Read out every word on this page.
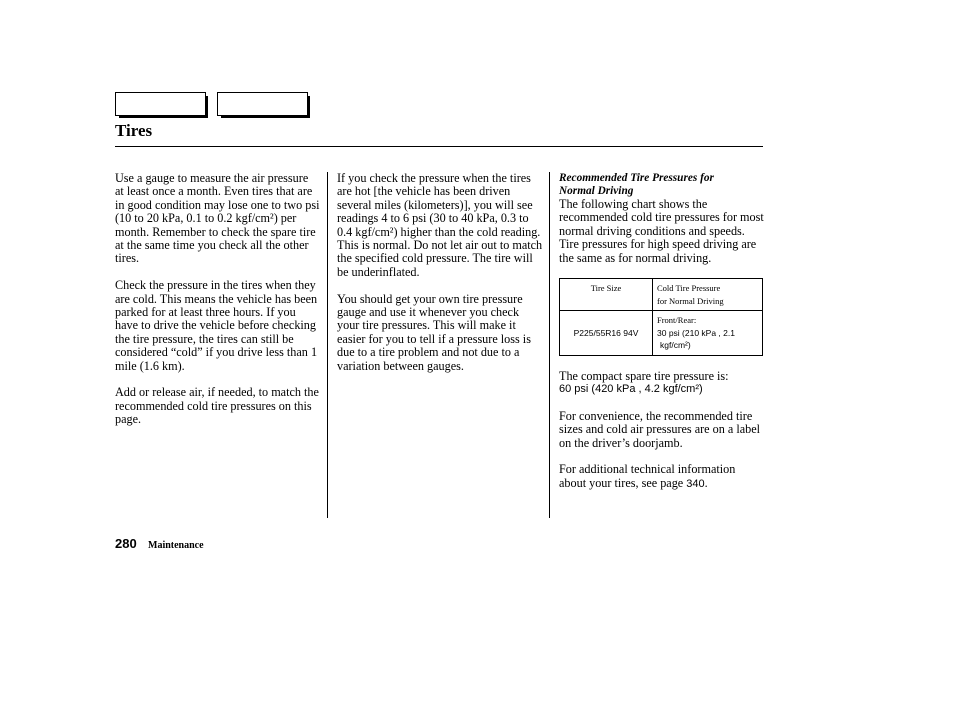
Tires

Use a gauge to measure the air pressure at least once a month. Even tires that are in good condition may lose one to two psi (10 to 20 kPa, 0.1 to 0.2 kgf/cm²) per month. Remember to check the spare tire at the same time you check all the other tires.

Check the pressure in the tires when they are cold. This means the vehicle has been parked for at least three hours. If you have to drive the vehicle before checking the tire pressure, the tires can still be considered “cold” if you drive less than 1 mile (1.6 km).

Add or release air, if needed, to match the recommended cold tire pressures on this page.

If you check the pressure when the tires are hot [the vehicle has been driven several miles (kilometers)], you will see readings 4 to 6 psi (30 to 40 kPa, 0.3 to 0.4 kgf/cm²) higher than the cold reading. This is normal. Do not let air out to match the specified cold pressure. The tire will be underinflated.

You should get your own tire pressure gauge and use it whenever you check your tire pressures. This will make it easier for you to tell if a pressure loss is due to a tire problem and not due to a variation between gauges.

Recommended Tire Pressures for
Normal Driving

The following chart shows the recommended cold tire pressures for most normal driving conditions and speeds. Tire pressures for high speed driving are the same as for normal driving.

Tire Size	Cold Tire Pressure
for Normal Driving
P225/55R16 94V	Front/Rear:
30 psi (210 kPa , 2.1
kgf/cm²)

The compact spare tire pressure is:

60 psi (420 kPa , 4.2 kgf/cm²)

For convenience, the recommended tire sizes and cold air pressures are on a label on the driver’s doorjamb.

For additional technical information about your tires, see page 340.

280 Maintenance
